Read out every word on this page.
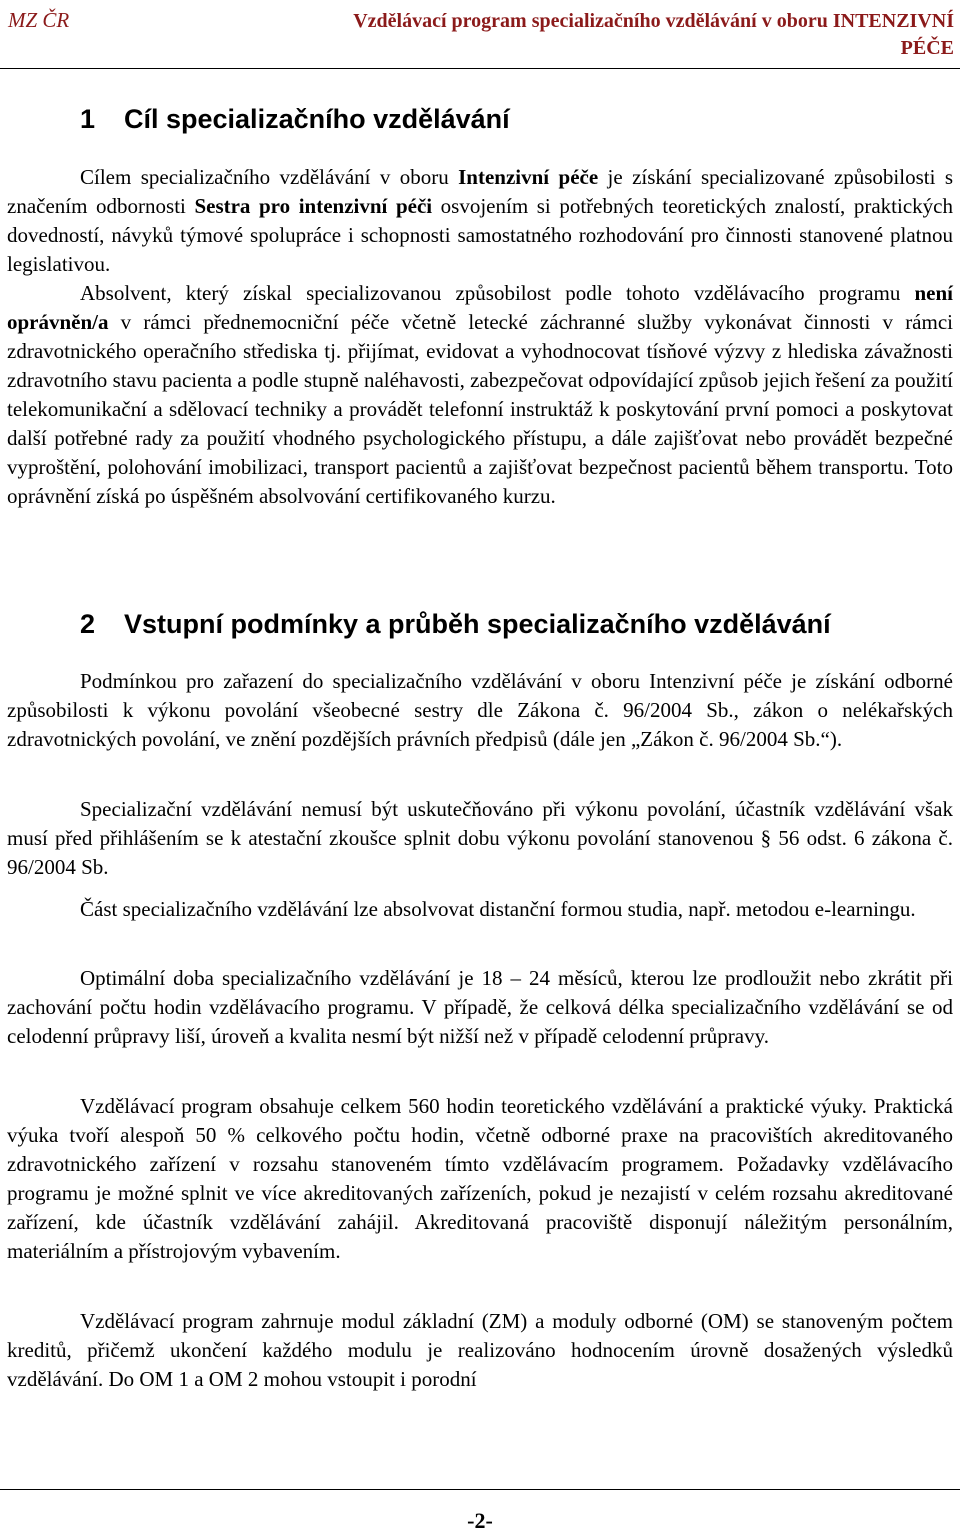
MZ ČR	Vzdělávací program specializačního vzdělávání v oboru INTENZIVNÍ PÉČE
1 Cíl specializačního vzdělávání

Cílem specializačního vzdělávání v oboru Intenzivní péče je získání specializované způsobilosti s značením odbornosti Sestra pro intenzivní péči osvojením si potřebných teoretických znalostí, praktických dovedností, návyků týmové spolupráce i schopnosti samostatného rozhodování pro činnosti stanovené platnou legislativou.

Absolvent, který získal specializovanou způsobilost podle tohoto vzdělávacího programu není oprávněn/a v rámci přednemocniční péče včetně letecké záchranné služby vykonávat činnosti v rámci zdravotnického operačního střediska tj. přijímat, evidovat a vyhodnocovat tísňové výzvy z hlediska závažnosti zdravotního stavu pacienta a podle stupně naléhavosti, zabezpečovat odpovídající způsob jejich řešení za použití telekomunikační a sdělovací techniky a provádět telefonní instruktáž k poskytování první pomoci a poskytovat další potřebné rady za použití vhodného psychologického přístupu, a dále zajišťovat nebo provádět bezpečné vyproštění, polohování imobilizaci, transport pacientů a zajišťovat bezpečnost pacientů během transportu. Toto oprávnění získá po úspěšném absolvování certifikovaného kurzu.

2 Vstupní podmínky a průběh specializačního vzdělávání

Podmínkou pro zařazení do specializačního vzdělávání v oboru Intenzivní péče je získání odborné způsobilosti k výkonu povolání všeobecné sestry dle Zákona č. 96/2004 Sb., zákon o nelékařských zdravotnických povolání, ve znění pozdějších právních předpisů (dále jen „Zákon č. 96/2004 Sb.“).

Specializační vzdělávání nemusí být uskutečňováno při výkonu povolání, účastník vzdělávání však musí před přihlášením se k atestační zkoušce splnit dobu výkonu povolání stanovenou § 56 odst. 6 zákona č. 96/2004 Sb.

Část specializačního vzdělávání lze absolvovat distanční formou studia, např. metodou e-learningu.

Optimální doba specializačního vzdělávání je 18 – 24 měsíců, kterou lze prodloužit nebo zkrátit při zachování počtu hodin vzdělávacího programu. V případě, že celková délka specializačního vzdělávání se od celodenní průpravy liší, úroveň a kvalita nesmí být nižší než v případě celodenní průpravy.

Vzdělávací program obsahuje celkem 560 hodin teoretického vzdělávání a praktické výuky. Praktická výuka tvoří alespoň 50 % celkového počtu hodin, včetně odborné praxe na pracovištích akreditovaného zdravotnického zařízení v rozsahu stanoveném tímto vzdělávacím programem. Požadavky vzdělávacího programu je možné splnit ve více akreditovaných zařízeních, pokud je nezajistí v celém rozsahu akreditované zařízení, kde účastník vzdělávání zahájil. Akreditovaná pracoviště disponují náležitým personálním, materiálním a přístrojovým vybavením.

Vzdělávací program zahrnuje modul základní (ZM) a moduly odborné (OM) se stanoveným počtem kreditů, přičemž ukončení každého modulu je realizováno hodnocením úrovně dosažených výsledků vzdělávání. Do OM 1 a OM 2 mohou vstoupit i porodní

-2-
